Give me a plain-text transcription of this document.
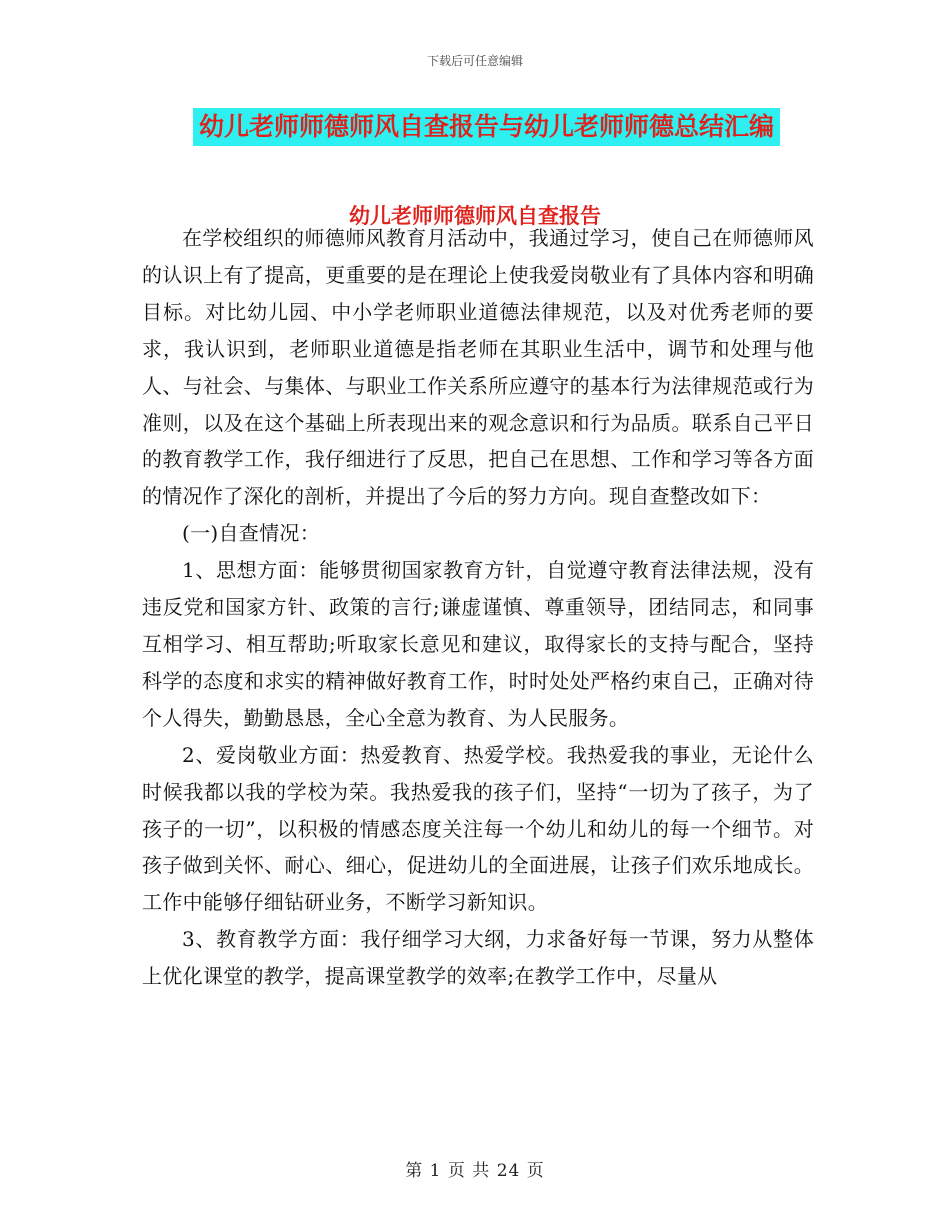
下载后可任意编辑
幼儿老师师德师风自查报告与幼儿老师师德总结汇编
幼儿老师师德师风自查报告

在学校组织的师德师风教育月活动中，我通过学习，使自己在师德师风的认识上有了提高，更重要的是在理论上使我爱岗敬业有了具体内容和明确目标。对比幼儿园、中小学老师职业道德法律规范，以及对优秀老师的要求，我认识到，老师职业道德是指老师在其职业生活中，调节和处理与他人、与社会、与集体、与职业工作关系所应遵守的基本行为法律规范或行为准则，以及在这个基础上所表现出来的观念意识和行为品质。联系自己平日的教育教学工作，我仔细进行了反思，把自己在思想、工作和学习等各方面的情况作了深化的剖析，并提出了今后的努力方向。现自查整改如下：

(一)自查情况：

1、思想方面：能够贯彻国家教育方针，自觉遵守教育法律法规，没有违反党和国家方针、政策的言行;谦虚谨慎、尊重领导，团结同志，和同事互相学习、相互帮助;听取家长意见和建议，取得家长的支持与配合，坚持科学的态度和求实的精神做好教育工作，时时处处严格约束自己，正确对待个人得失，勤勤恳恳，全心全意为教育、为人民服务。

2、爱岗敬业方面：热爱教育、热爱学校。我热爱我的事业，无论什么时候我都以我的学校为荣。我热爱我的孩子们，坚持“一切为了孩子，为了孩子的一切”，以积极的情感态度关注每一个幼儿和幼儿的每一个细节。对孩子做到关怀、耐心、细心，促进幼儿的全面进展，让孩子们欢乐地成长。工作中能够仔细钻研业务，不断学习新知识。

3、教育教学方面：我仔细学习大纲，力求备好每一节课，努力从整体上优化课堂的教学，提高课堂教学的效率;在教学工作中，尽量从

第 1 页 共 24 页
